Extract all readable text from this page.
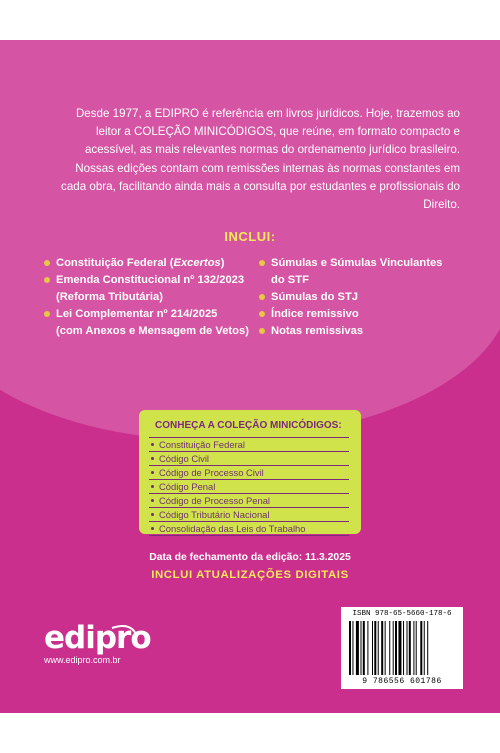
Desde 1977, a EDIPRO é referência em livros jurídicos. Hoje, trazemos ao leitor a COLEÇÃO MINICÓDIGOS, que reúne, em formato compacto e acessível, as mais relevantes normas do ordenamento jurídico brasileiro. Nossas edições contam com remissões internas às normas constantes em cada obra, facilitando ainda mais a consulta por estudantes e profissionais do Direito.

INCLUI:
Constituição Federal (Excertos)
Emenda Constitucional nº 132/2023
(Reforma Tributária)
Lei Complementar nº 214/2025
(com Anexos e Mensagem de Vetos)
Súmulas e Súmulas Vinculantes
do STF
Súmulas do STJ
Índice remissivo
Notas remissivas
CONHEÇA A COLEÇÃO MINICÓDIGOS:
Constituição Federal
Código Civil
Código de Processo Civil
Código Penal
Código de Processo Penal
Código Tributário Nacional
Consolidação das Leis do Trabalho
Data de fechamento da edição: 11.3.2025
INCLUI ATUALIZAÇÕES DIGITAIS
edipro
www.edipro.com.br
ISBN 978-65-5660-178-6
9 786556 601786
